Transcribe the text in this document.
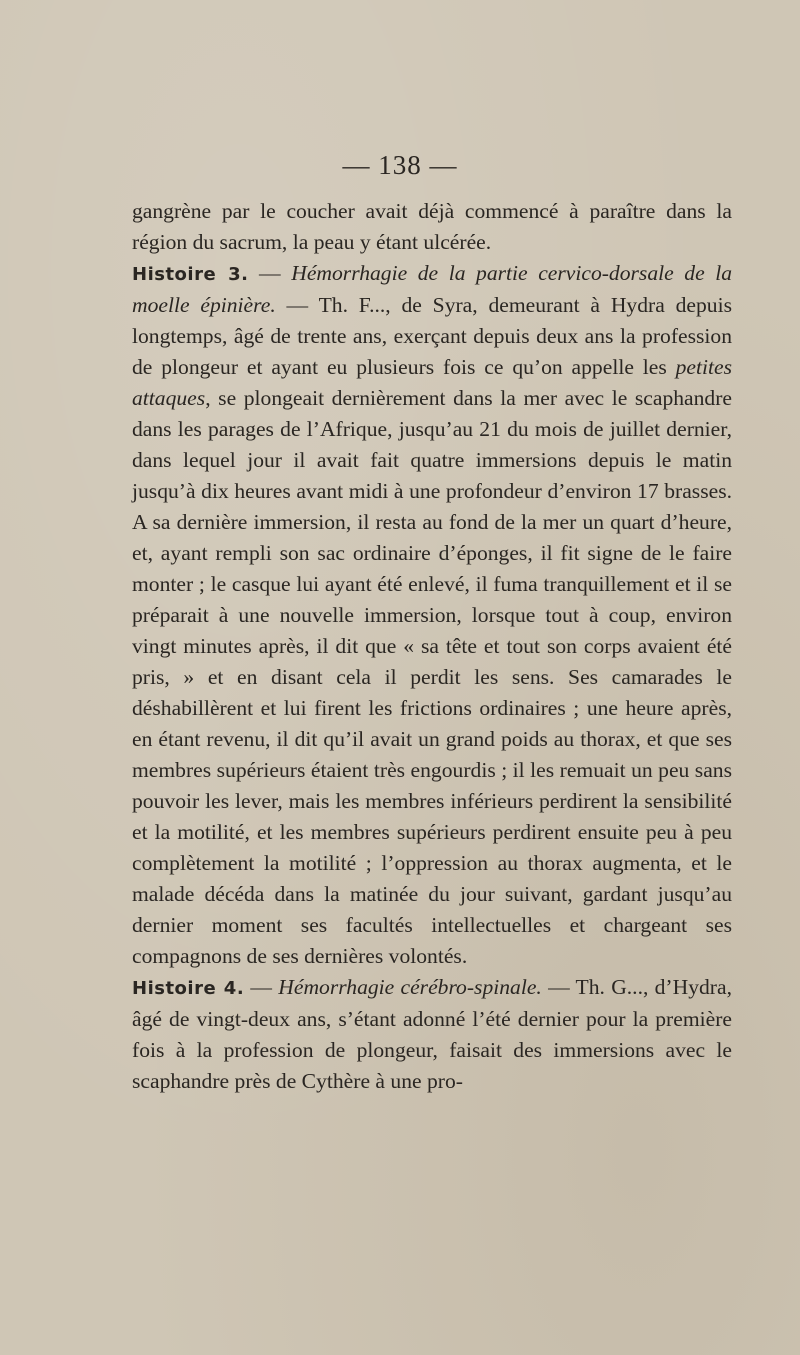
— 138 —

gangrène par le coucher avait déjà commencé à paraître dans la région du sacrum, la peau y étant ulcérée.

Histoire 3. — Hémorrhagie de la partie cervico-dorsale de la moelle épinière. — Th. F..., de Syra, demeurant à Hydra depuis longtemps, âgé de trente ans, exerçant depuis deux ans la profession de plongeur et ayant eu plusieurs fois ce qu’on appelle les petites attaques, se plongeait dernièrement dans la mer avec le scaphandre dans les parages de l’Afrique, jusqu’au 21 du mois de juillet dernier, dans lequel jour il avait fait quatre immersions depuis le matin jusqu’à dix heures avant midi à une profondeur d’environ 17 brasses. A sa dernière immersion, il resta au fond de la mer un quart d’heure, et, ayant rempli son sac ordinaire d’éponges, il fit signe de le faire monter ; le casque lui ayant été enlevé, il fuma tranquillement et il se préparait à une nouvelle immersion, lorsque tout à coup, environ vingt minutes après, il dit que « sa tête et tout son corps avaient été pris, » et en disant cela il perdit les sens. Ses camarades le déshabillèrent et lui firent les frictions ordinaires ; une heure après, en étant revenu, il dit qu’il avait un grand poids au thorax, et que ses membres supérieurs étaient très engourdis ; il les remuait un peu sans pouvoir les lever, mais les membres inférieurs perdirent la sensibilité et la motilité, et les membres supérieurs perdirent ensuite peu à peu complètement la motilité ; l’oppression au thorax augmenta, et le malade décéda dans la matinée du jour suivant, gardant jusqu’au dernier moment ses facultés intellectuelles et chargeant ses compagnons de ses dernières volontés.

Histoire 4. — Hémorrhagie cérébro-spinale. — Th. G..., d’Hydra, âgé de vingt-deux ans, s’étant adonné l’été dernier pour la première fois à la profession de plongeur, faisait des immersions avec le scaphandre près de Cythère à une pro-
